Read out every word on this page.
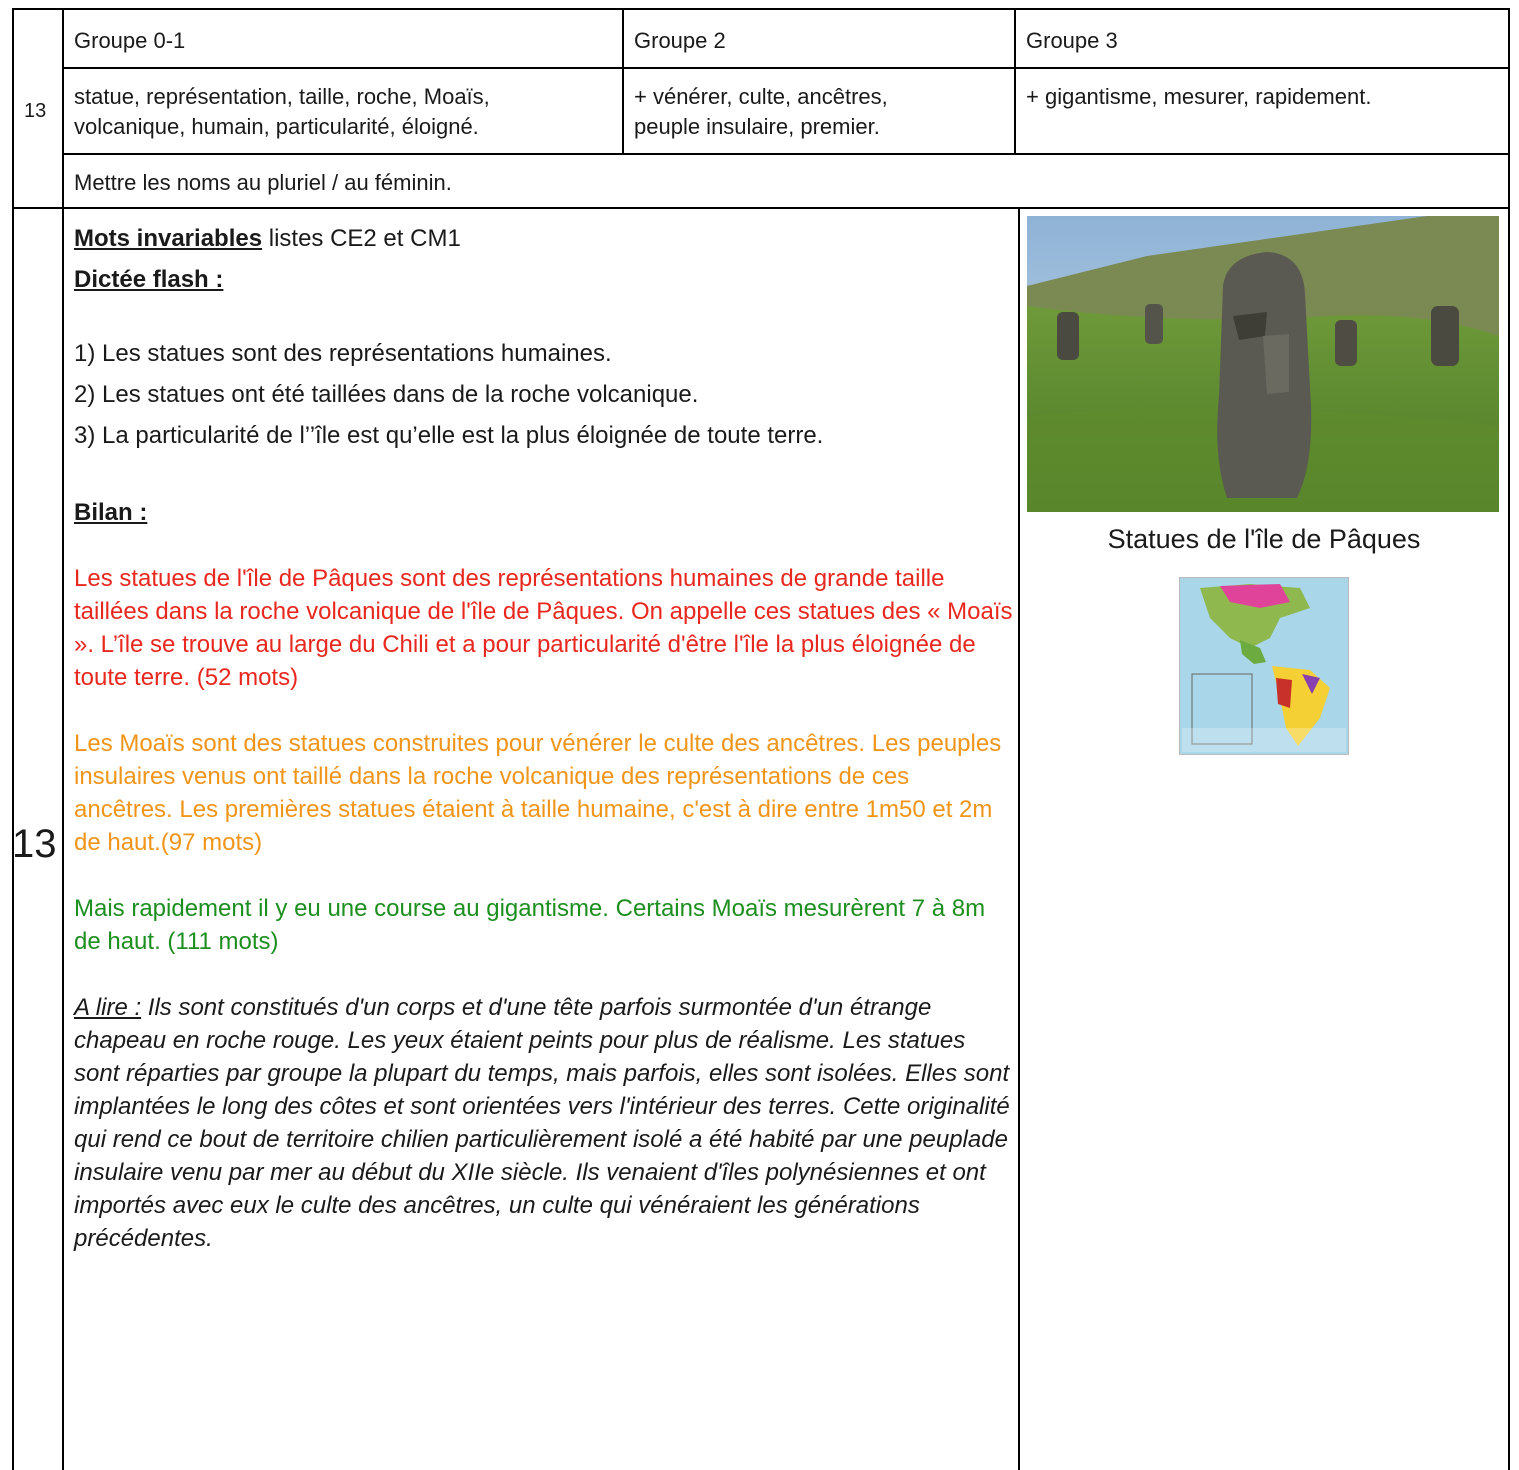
13
Groupe 0-1	Groupe 2	Groupe 3
statue, représentation, taille, roche, Moaïs,
volcanique, humain, particularité, éloigné.
+ vénérer, culte, ancêtres,
peuple insulaire, premier.
+ gigantisme, mesurer, rapidement.
Mettre les noms au pluriel / au féminin.
13

Mots invariables listes CE2 et CM1

Dictée flash :

1) Les statues sont des représentations humaines.

2) Les statues ont été taillées dans de la roche volcanique.

3) La particularité de l’’île est qu’elle est la plus éloignée de toute terre.

Bilan :

Les statues de l'île de Pâques sont des représentations humaines de grande taille taillées dans la roche volcanique de l'île de Pâques. On appelle ces statues des « Moaïs ». L’île se trouve au large du Chili et a pour particularité d'être l'île la plus éloignée de toute terre. (52 mots)

Les Moaïs sont des statues construites pour vénérer le culte des ancêtres. Les peuples insulaires venus ont taillé dans la roche volcanique des représentations de ces ancêtres. Les premières statues étaient à taille humaine, c'est à dire entre 1m50 et 2m de haut.(97 mots)

Mais rapidement il y eu une course au gigantisme. Certains Moaïs mesurèrent 7 à 8m de haut. (111 mots)

A lire : Ils sont constitués d'un corps et d'une tête parfois surmontée d'un étrange chapeau en roche rouge. Les yeux étaient peints pour plus de réalisme. Les statues sont réparties par groupe la plupart du temps, mais parfois, elles sont isolées. Elles sont implantées le long des côtes et sont orientées vers l'intérieur des terres. Cette originalité qui rend ce bout de territoire chilien particulièrement isolé a été habité par une peuplade insulaire venu par mer au début du XIIe siècle. Ils venaient d'îles polynésiennes et ont importés avec eux le culte des ancêtres, un culte qui vénéraient les générations précédentes.

Statues de l'île de Pâques
